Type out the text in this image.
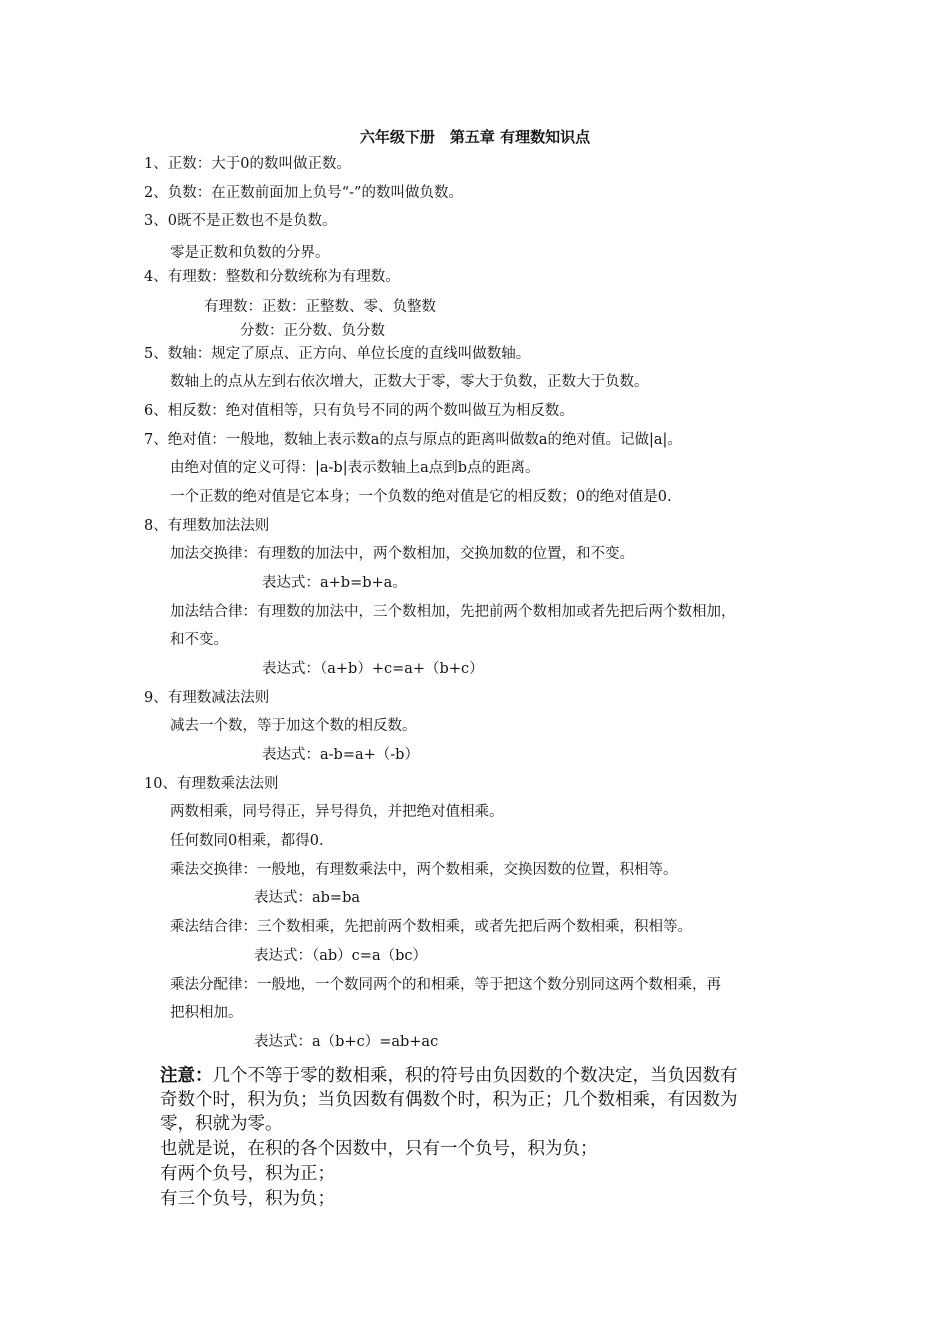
六年级下册　第五章 有理数知识点
1、正数：大于0的数叫做正数。
2、负数：在正数前面加上负号“-”的数叫做负数。
3、0既不是正数也不是负数。
零是正数和负数的分界。
4、有理数：整数和分数统称为有理数。
有理数：正数：正整数、零、负整数
分数：正分数、负分数
5、数轴：规定了原点、正方向、单位长度的直线叫做数轴。
数轴上的点从左到右依次增大，正数大于零，零大于负数，正数大于负数。
6、相反数：绝对值相等，只有负号不同的两个数叫做互为相反数。
7、绝对值：一般地，数轴上表示数a的点与原点的距离叫做数a的绝对值。记做|a|。
由绝对值的定义可得：|a-b|表示数轴上a点到b点的距离。
一个正数的绝对值是它本身；一个负数的绝对值是它的相反数；0的绝对值是0.
8、有理数加法法则
加法交换律：有理数的加法中，两个数相加，交换加数的位置，和不变。
表达式：a+b=b+a。
加法结合律：有理数的加法中，三个数相加，先把前两个数相加或者先把后两个数相加，
和不变。
表达式：（a+b）+c=a+（b+c）
9、有理数减法法则
减去一个数，等于加这个数的相反数。
表达式：a-b=a+（-b）
10、有理数乘法法则
两数相乘，同号得正，异号得负，并把绝对值相乘。
任何数同0相乘，都得0.
乘法交换律：一般地，有理数乘法中，两个数相乘，交换因数的位置，积相等。
表达式：ab=ba
乘法结合律：三个数相乘，先把前两个数相乘，或者先把后两个数相乘，积相等。
表达式：（ab）c=a（bc）
乘法分配律：一般地，一个数同两个的和相乘，等于把这个数分别同这两个数相乘，再
把积相加。
表达式：a（b+c）=ab+ac
注意：几个不等于零的数相乘，积的符号由负因数的个数决定，当负因数有
奇数个时，积为负；当负因数有偶数个时，积为正；几个数相乘，有因数为
零，积就为零。
也就是说，在积的各个因数中，只有一个负号，积为负；
有两个负号，积为正；
有三个负号，积为负；
